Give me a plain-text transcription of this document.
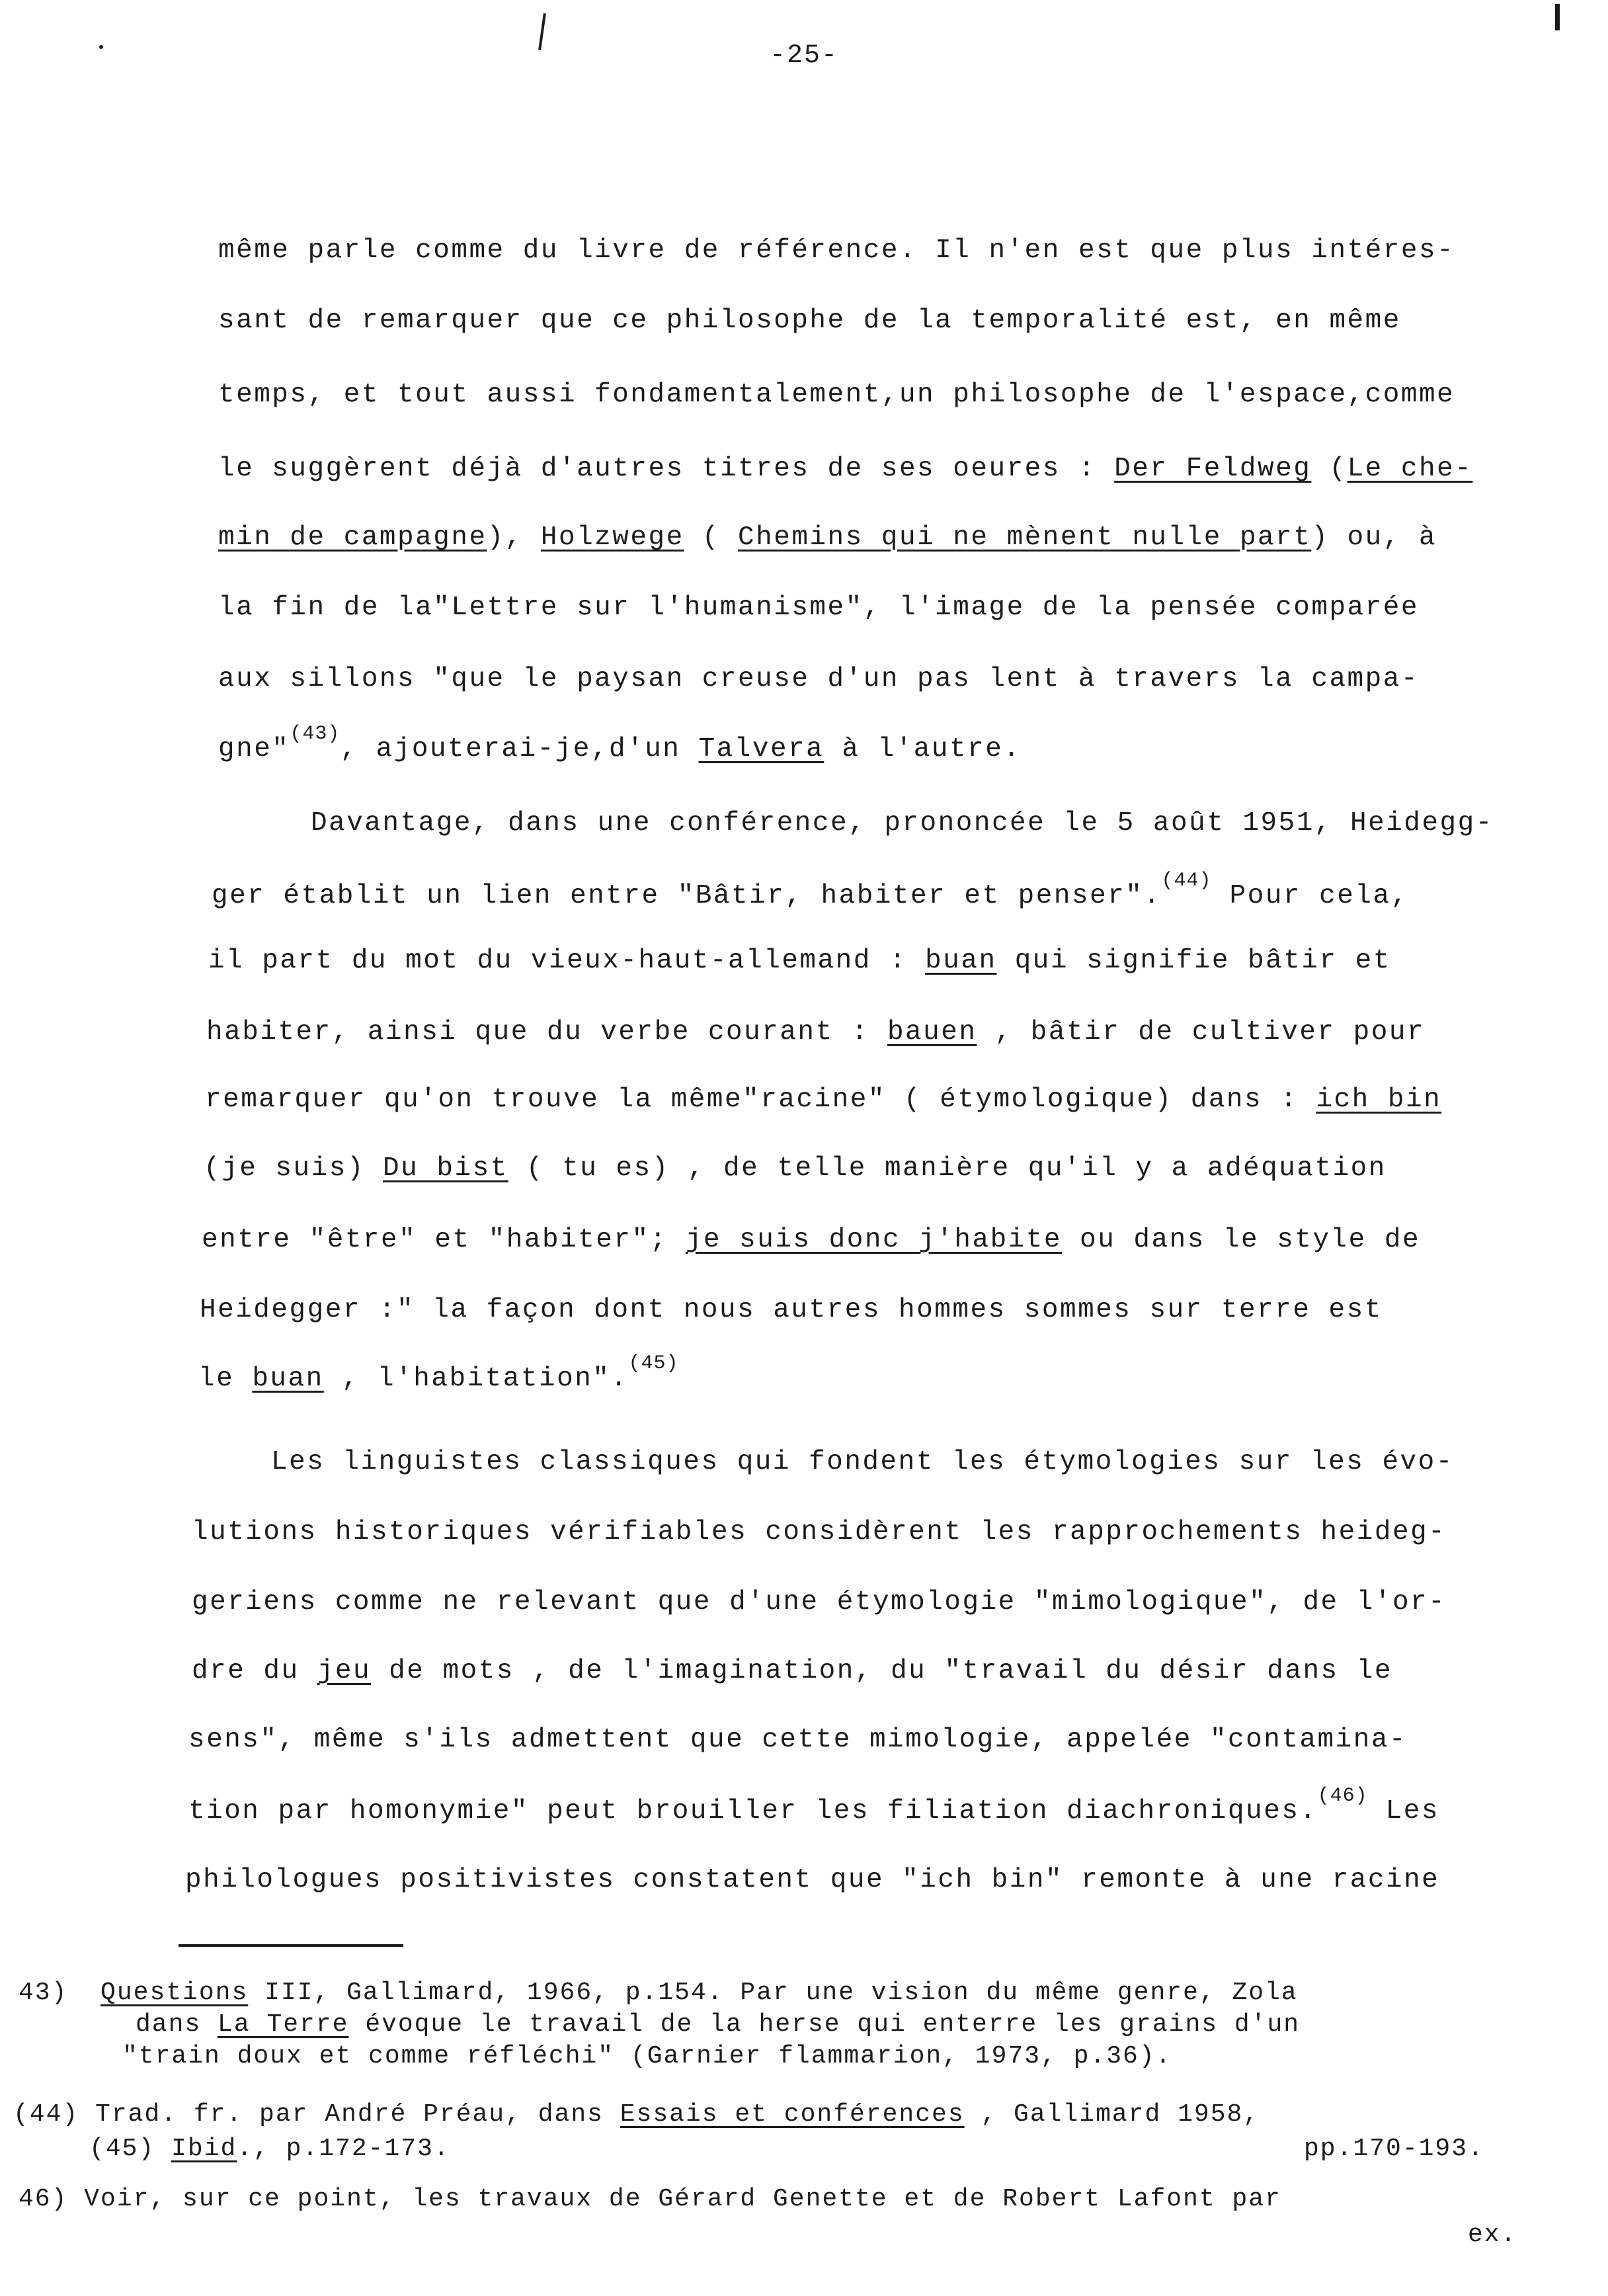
-25-
même parle comme du livre de référence. Il n'en est que plus intéres-
sant de remarquer que ce philosophe de la temporalité est, en même
temps, et tout aussi fondamentalement,un philosophe de l'espace,comme
le suggèrent déjà d'autres titres de ses oeures : Der Feldweg (Le che-
min de campagne), Holzwege ( Chemins qui ne mènent nulle part) ou, à
la fin de la"Lettre sur l'humanisme", l'image de la pensée comparée
aux sillons "que le paysan creuse d'un pas lent à travers la campa-
gne"$^{(43)}$, ajouterai-je,d'un Talvera à l'autre.
Davantage, dans une conférence, prononcée le 5 août 1951, Heidegg-
ger établit un lien entre "Bâtir, habiter et penser".$^{(44)}$ Pour cela,
il part du mot du vieux-haut-allemand : buan qui signifie bâtir et
habiter, ainsi que du verbe courant : bauen , bâtir de cultiver pour
remarquer qu'on trouve la même"racine" ( étymologique) dans : ich bin
(je suis) Du bist ( tu es) , de telle manière qu'il y a adéquation
entre "être" et "habiter"; je suis donc j'habite ou dans le style de
Heidegger :" la façon dont nous autres hommes sommes sur terre est
le buan , l'habitation".$^{(45)}$
Les linguistes classiques qui fondent les étymologies sur les évo-
lutions historiques vérifiables considèrent les rapprochements heideg-
geriens comme ne relevant que d'une étymologie "mimologique", de l'or-
dre du jeu de mots , de l'imagination, du "travail du désir dans le
sens", même s'ils admettent que cette mimologie, appelée "contamina-
tion par homonymie" peut brouiller les filiation diachroniques.$^{(46)}$ Les
philologues positivistes constatent que "ich bin" remonte à une racine
43) Questions III, Gallimard, 1966, p.154. Par une vision du même genre, Zola
dans La Terre évoque le travail de la herse qui enterre les grains d'un
"train doux et comme réfléchi" (Garnier flammarion, 1973, p.36).
(44) Trad. fr. par André Préau, dans Essais et conférences , Gallimard 1958,
(45) Ibid., p.172-173.	pp.170-193.
46) Voir, sur ce point, les travaux de Gérard Genette et de Robert Lafont par
ex.
